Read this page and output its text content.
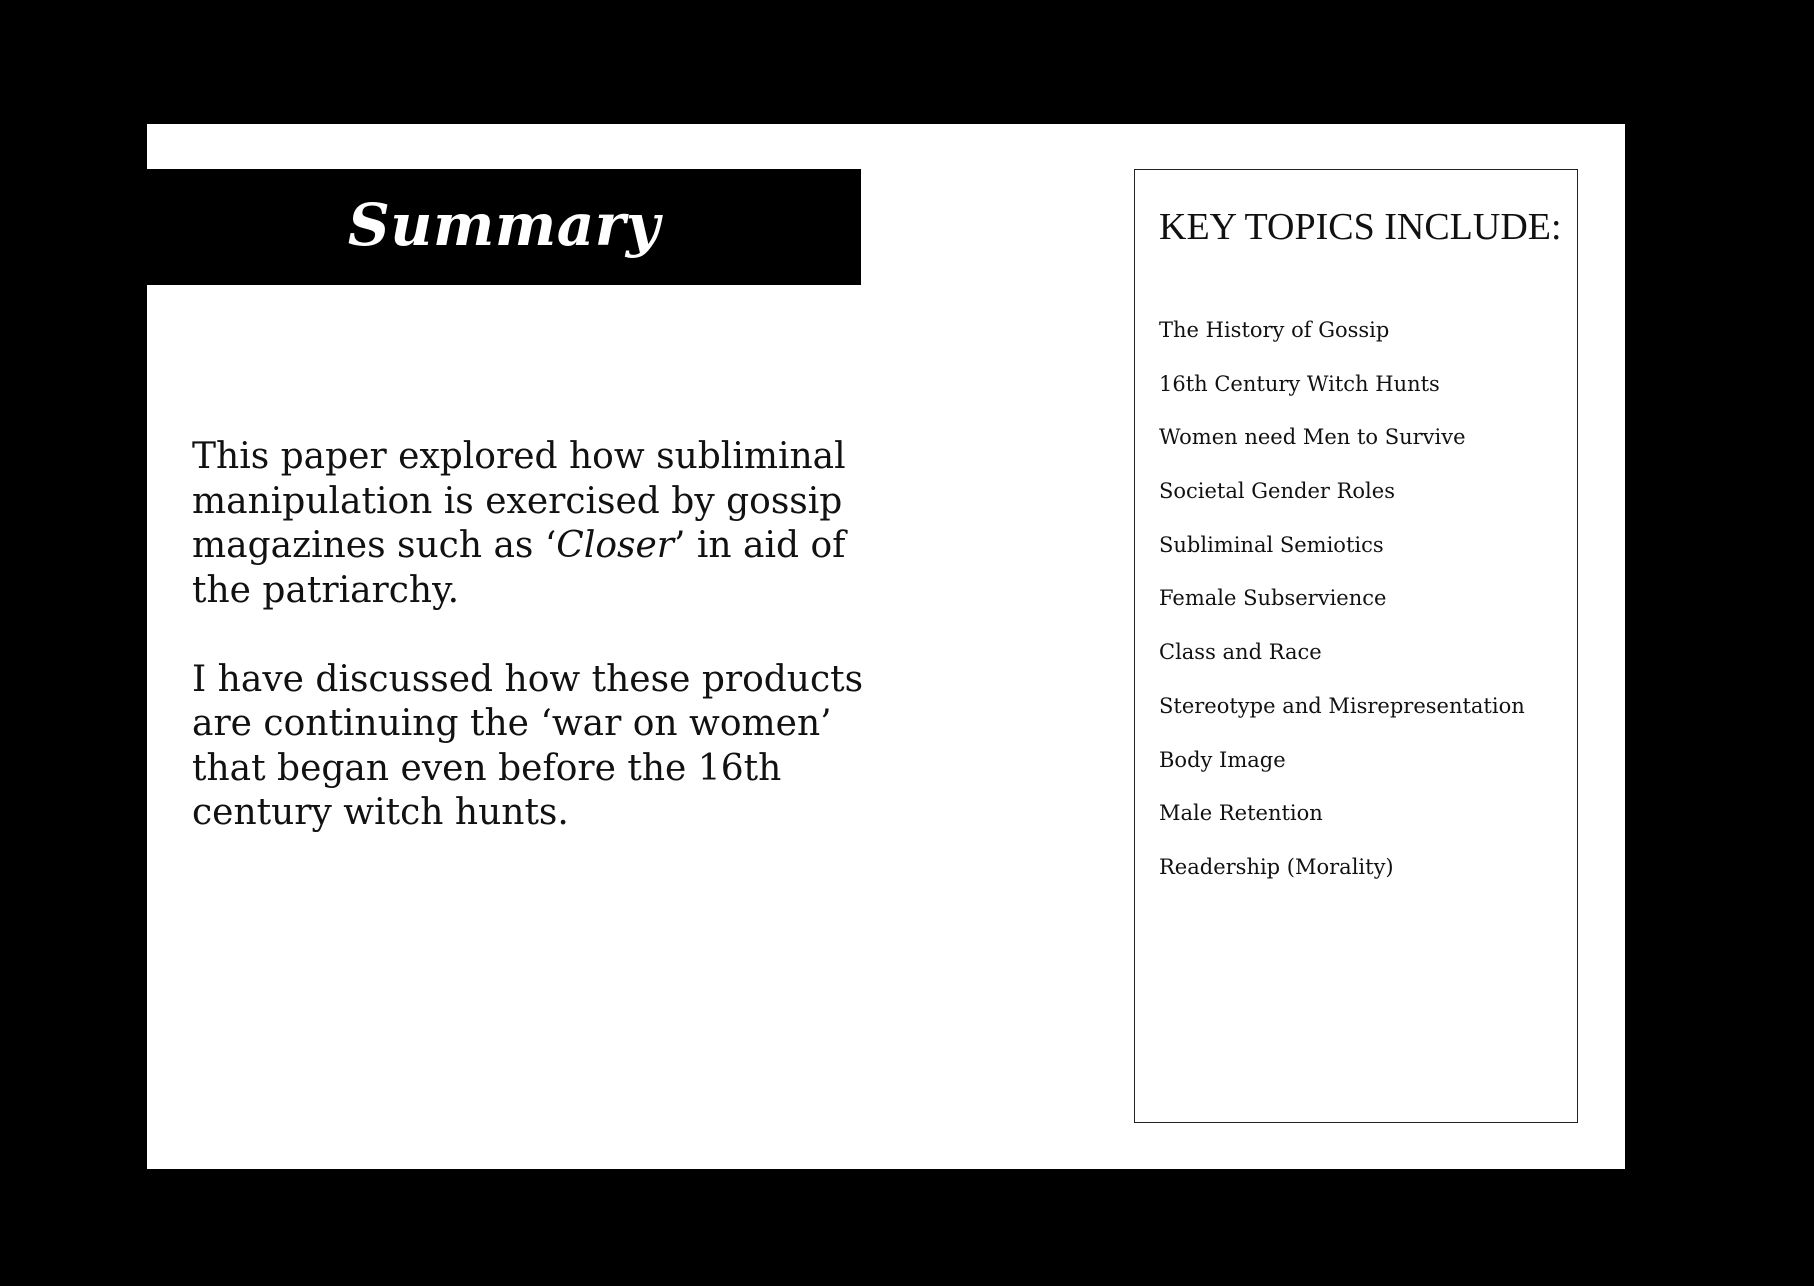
Summary

This paper explored how subliminal manipulation is exercised by gossip magazines such as ‘Closer’ in aid of the patriarchy.

I have discussed how these products are continuing the ‘war on women’ that began even before the 16th century witch hunts.

KEY TOPICS INCLUDE:
The History of Gossip
16th Century Witch Hunts
Women need Men to Survive
Societal Gender Roles
Subliminal Semiotics
Female Subservience
Class and Race
Stereotype and Misrepresentation
Body Image
Male Retention
Readership (Morality)
